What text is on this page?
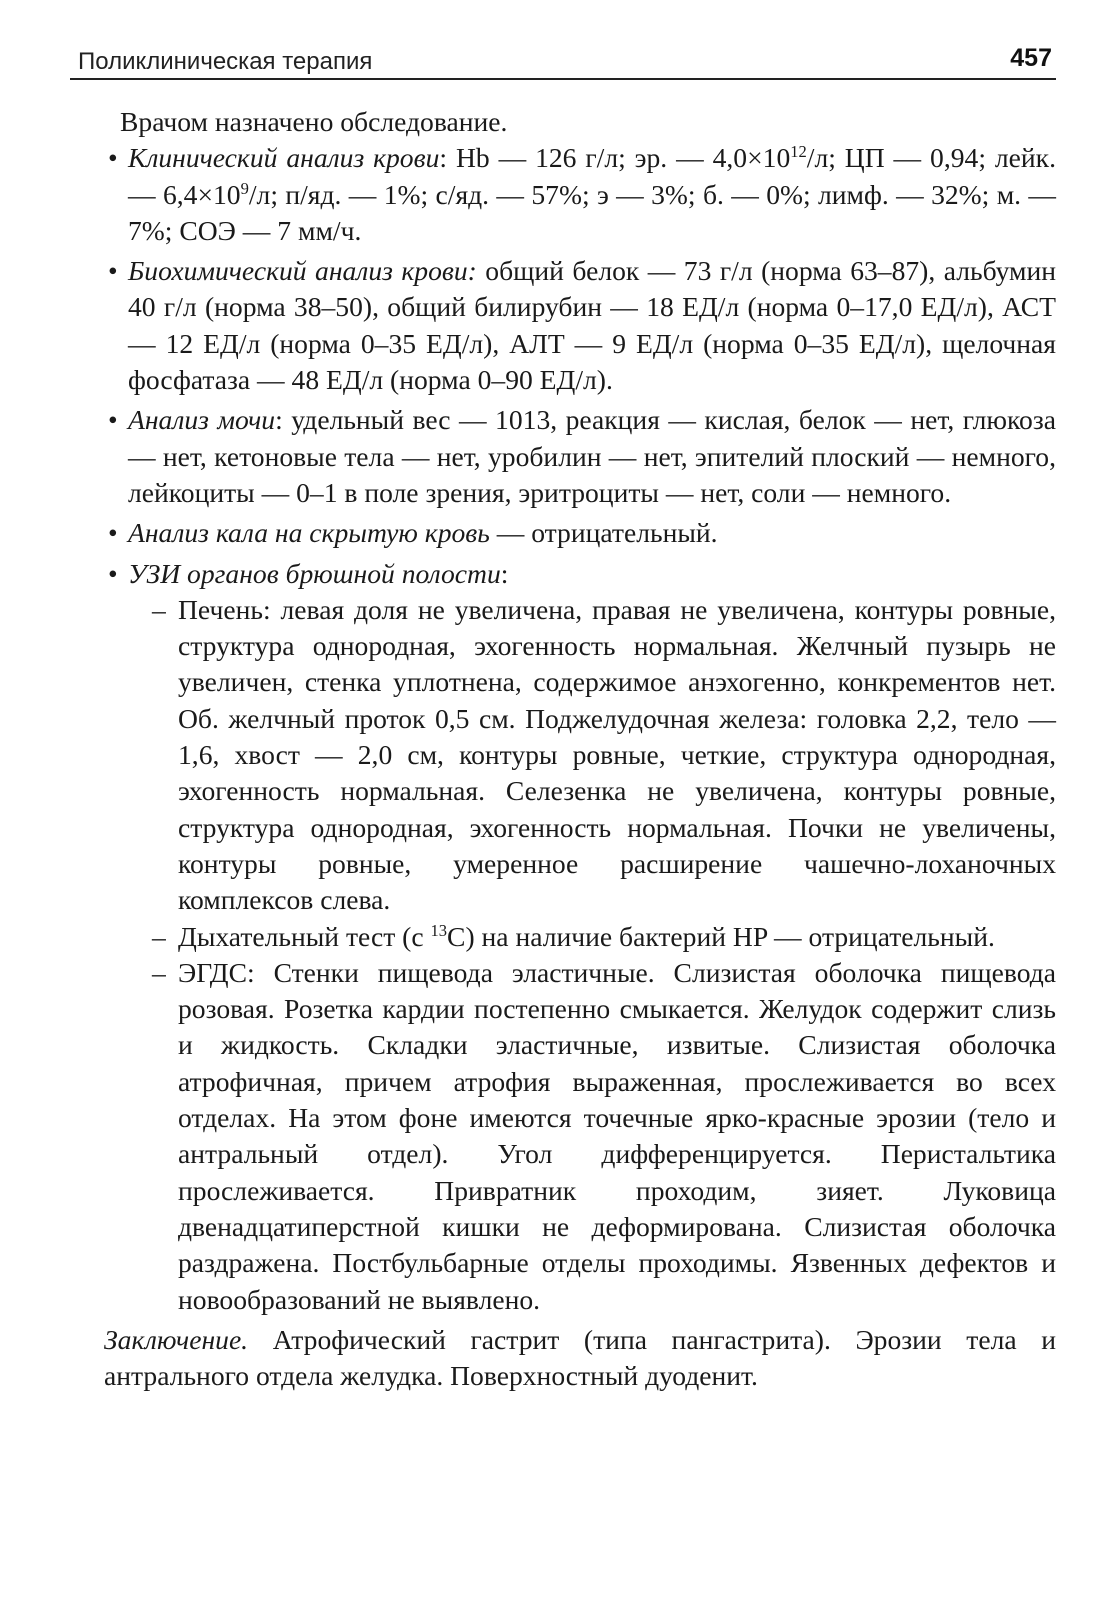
Поликлиническая терапия	457

Врачом назначено обследование.

• Клинический анализ крови: Hb — 126 г/л; эр. — $4,0\times 10^{12}/л$; ЦП — 0,94; лейк. — $6,4\times 10^9/л$; п/яд. — 1%; с/яд. — 57%; э — 3%; б. — 0%; лимф. — 32%; м. — 7%; СОЭ — 7 мм/ч.
• Биохимический анализ крови: общий белок — 73 г/л (норма 63–87), альбумин 40 г/л (норма 38–50), общий билирубин — 18 ЕД/л (норма 0–17,0 ЕД/л), АСТ — 12 ЕД/л (норма 0–35 ЕД/л), АЛТ — 9 ЕД/л (норма 0–35 ЕД/л), щелочная фосфатаза — 48 ЕД/л (норма 0–90 ЕД/л).
• Анализ мочи: удельный вес — 1013, реакция — кислая, белок — нет, глюкоза — нет, кетоновые тела — нет, уробилин — нет, эпителий плоский — немного, лейкоциты — 0–1 в поле зрения, эритроциты — нет, соли — немного.
• Анализ кала на скрытую кровь — отрицательный.
• УЗИ органов брюшной полости:
– Печень: левая доля не увеличена, правая не увеличена, контуры ровные, структура однородная, эхогенность нормальная. Желчный пузырь не увеличен, стенка уплотнена, содержимое анэхогенно, конкрементов нет. Об. желчный проток 0,5 см. Поджелудочная железа: головка 2,2, тело — 1,6, хвост — 2,0 см, контуры ровные, четкие, структура однородная, эхогенность нормальная. Селезенка не увеличена, контуры ровные, структура однородная, эхогенность нормальная. Почки не увеличены, контуры ровные, умеренное расширение чашечно-лоханочных комплексов слева.
– Дыхательный тест (с $^{13}$C) на наличие бактерий HP — отрицательный.
– ЭГДС: Стенки пищевода эластичные. Слизистая оболочка пищевода розовая. Розетка кардии постепенно смыкается. Желудок содержит слизь и жидкость. Складки эластичные, извитые. Слизистая оболочка атрофичная, причем атрофия выраженная, прослеживается во всех отделах. На этом фоне имеются точечные ярко-красные эрозии (тело и антральный отдел). Угол дифференцируется. Перистальтика прослеживается. Привратник проходим, зияет. Луковица двенадцатиперстной кишки не деформирована. Слизистая оболочка раздражена. Постбульбарные отделы проходимы. Язвенных дефектов и новообразований не выявлено.

Заключение. Атрофический гастрит (типа пангастрита). Эрозии тела и антрального отдела желудка. Поверхностный дуоденит.
